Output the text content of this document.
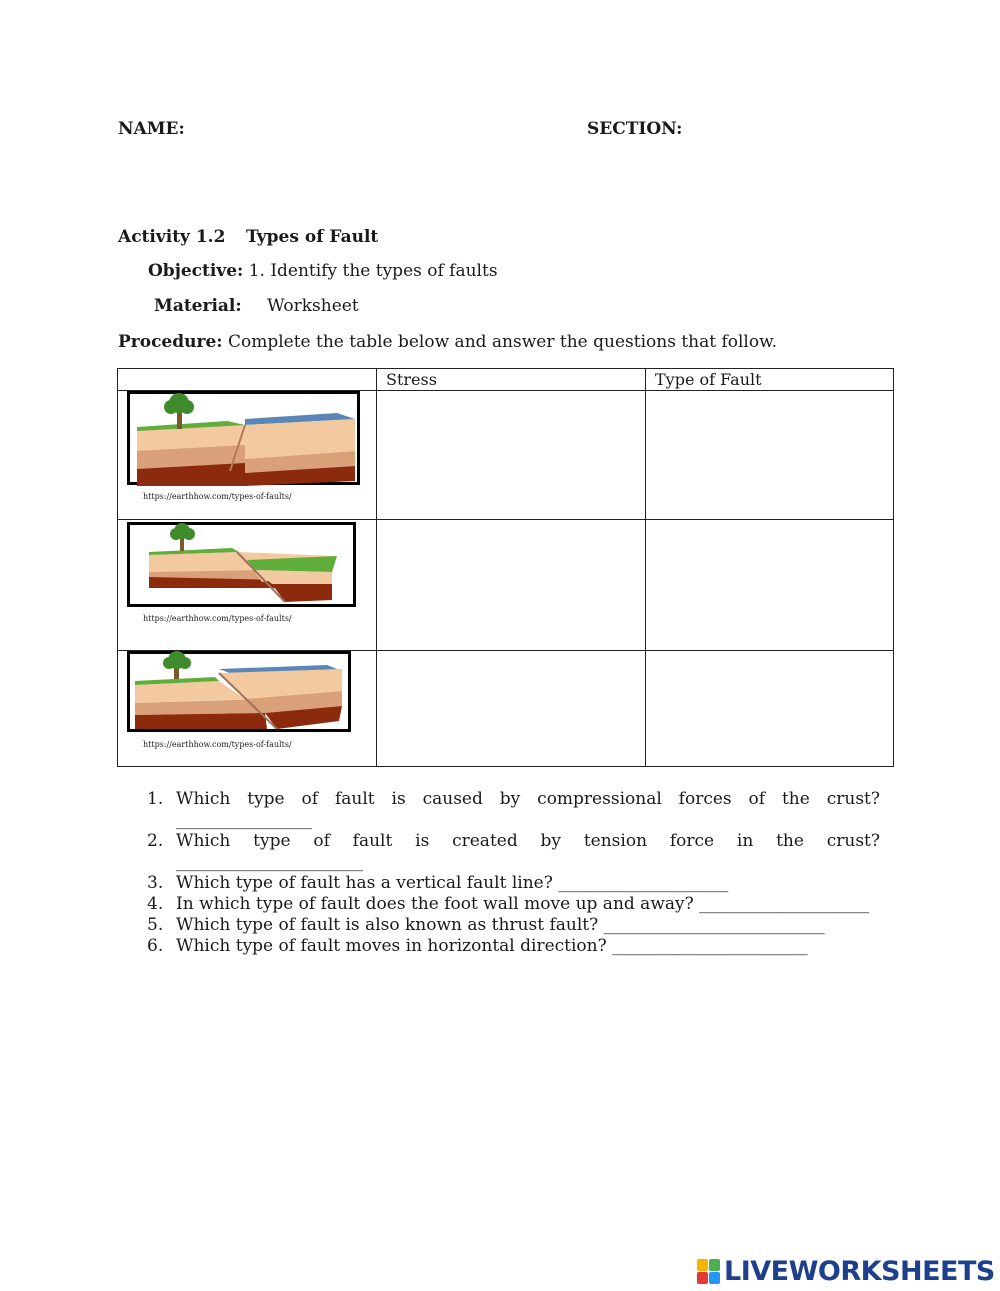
NAME:	SECTION:
Activity 1.2 Types of Fault
Objective: 1. Identify the types of faults
Material: Worksheet
Procedure: Complete the table below and answer the questions that follow.
	Stress	Type of Fault

https://earthhow.com/types-of-faults/		

https://earthhow.com/types-of-faults/		

https://earthhow.com/types-of-faults/		

1. Which type of fault is caused by compressional forces of the crust?
________________
2. Which type of fault is created by tension force in the crust?
______________________
3. Which type of fault has a vertical fault line? ____________________
4. In which type of fault does the foot wall move up and away? ____________________
5. Which type of fault is also known as thrust fault? __________________________
6. Which type of fault moves in horizontal direction? _______________________
LIVEWORKSHEETS
